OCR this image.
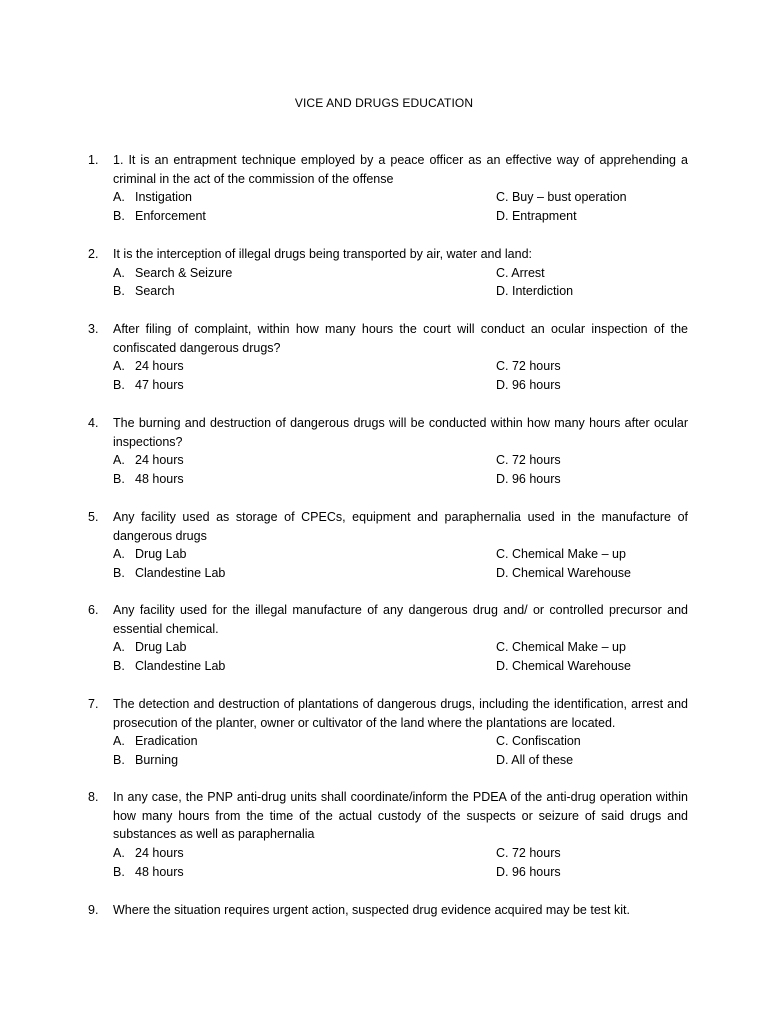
VICE AND DRUGS EDUCATION
1.	1. It is an entrapment technique employed by a peace officer as an effective way of apprehending a criminal in the act of the commission of the offense
A. Instigation	C. Buy – bust operation
B. Enforcement	D. Entrapment
2.	It is the interception of illegal drugs being transported by air, water and land:
A. Search & Seizure	C. Arrest
B. Search	D. Interdiction
3.	After filing of complaint, within how many hours the court will conduct an ocular inspection of the confiscated dangerous drugs?
A. 24 hours	C. 72 hours
B. 47 hours	D. 96 hours
4.	The burning and destruction of dangerous drugs will be conducted within how many hours after ocular inspections?
A. 24 hours	C. 72 hours
B. 48 hours	D. 96 hours
5.	Any facility used as storage of CPECs, equipment and paraphernalia used in the manufacture of dangerous drugs
A. Drug Lab	C. Chemical Make – up
B. Clandestine Lab	D. Chemical Warehouse
6.	Any facility used for the illegal manufacture of any dangerous drug and/ or controlled precursor and essential chemical.
A. Drug Lab	C. Chemical Make – up
B. Clandestine Lab	D. Chemical Warehouse
7.	The detection and destruction of plantations of dangerous drugs, including the identification, arrest and prosecution of the planter, owner or cultivator of the land where the plantations are located.
A. Eradication	C. Confiscation
B. Burning	D. All of these
8.	In any case, the PNP anti-drug units shall coordinate/inform the PDEA of the anti-drug operation within how many hours from the time of the actual custody of the suspects or seizure of said drugs and substances as well as paraphernalia
A. 24 hours	C. 72 hours
B. 48 hours	D. 96 hours
9.	Where the situation requires urgent action, suspected drug evidence acquired may be test kit.
